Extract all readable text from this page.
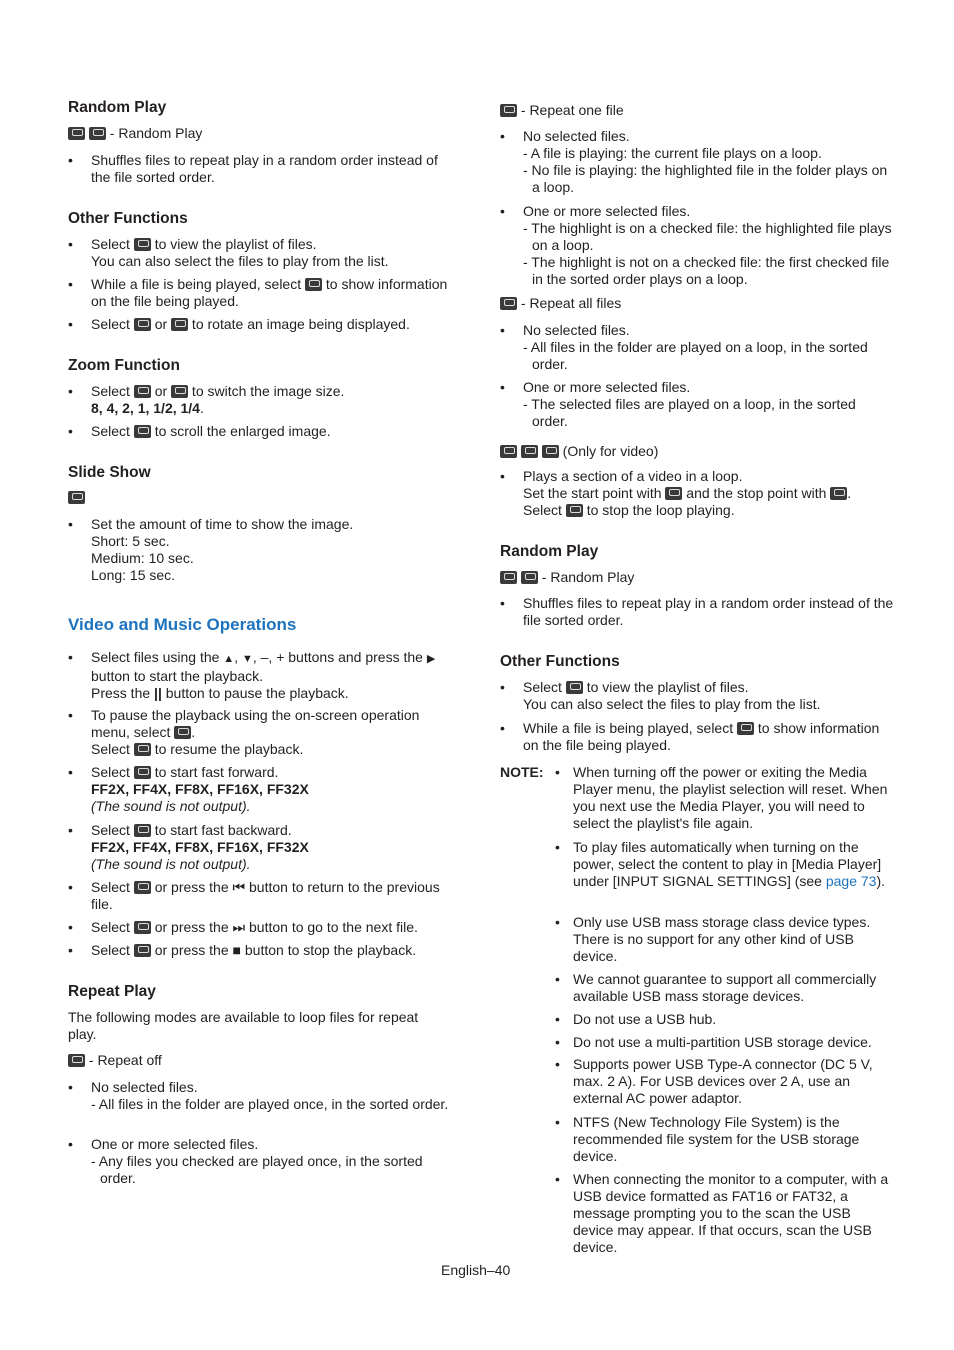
Random Play
- Random Play
• Shuffles files to repeat play in a random order instead of the file sorted order.
Other Functions
• Select  to view the playlist of files.
You can also select the files to play from the list.
• While a file is being played, select  to show information on the file being played.
• Select  or  to rotate an image being displayed.
Zoom Function
• Select  or  to switch the image size.
8, 4, 2, 1, 1/2, 1/4.
• Select  to scroll the enlarged image.
Slide Show
• Set the amount of time to show the image.
Short: 5 sec.
Medium: 10 sec.
Long: 15 sec.
Video and Music Operations
• Select files using the ▲, ▼, –, + buttons and press the ▶
button to start the playback.
Press the || button to pause the playback.
• To pause the playback using the on-screen operation menu, select .
Select  to resume the playback.
• Select  to start fast forward.
FF2X, FF4X, FF8X, FF16X, FF32X
(The sound is not output).
• Select  to start fast backward.
FF2X, FF4X, FF8X, FF16X, FF32X
(The sound is not output).
• Select  or press the ⏮ button to return to the previous file.
• Select  or press the ⏭ button to go to the next file.
• Select  or press the ■ button to stop the playback.
Repeat Play
The following modes are available to loop files for repeat play.
- Repeat off
• No selected files.
- All files in the folder are played once, in the sorted order.
• One or more selected files.
- Any files you checked are played once, in the sorted order.
- Repeat one file
• No selected files.
- A file is playing: the current file plays on a loop.
- No file is playing: the highlighted file in the folder plays on a loop.
• One or more selected files.
- The highlight is on a checked file: the highlighted file plays on a loop.
- The highlight is not on a checked file: the first checked file in the sorted order plays on a loop.
- Repeat all files
• No selected files.
- All files in the folder are played on a loop, in the sorted order.
• One or more selected files.
- The selected files are played on a loop, in the sorted order.
(Only for video)
• Plays a section of a video in a loop.
Set the start point with  and the stop point with .
Select  to stop the loop playing.
Random Play
- Random Play
• Shuffles files to repeat play in a random order instead of the file sorted order.
Other Functions
• Select  to view the playlist of files.
You can also select the files to play from the list.
• While a file is being played, select  to show information on the file being played.
NOTE:
• When turning off the power or exiting the Media Player menu, the playlist selection will reset. When you next use the Media Player, you will need to select the playlist's file again.
• To play files automatically when turning on the power, select the content to play in [Media Player] under [INPUT SIGNAL SETTINGS] (see page 73).
• Only use USB mass storage class device types. There is no support for any other kind of USB device.
• We cannot guarantee to support all commercially available USB mass storage devices.
• Do not use a USB hub.
• Do not use a multi-partition USB storage device.
• Supports power USB Type-A connector (DC 5 V, max. 2 A). For USB devices over 2 A, use an external AC power adaptor.
• NTFS (New Technology File System) is the recommended file system for the USB storage device.
• When connecting the monitor to a computer, with a USB device formatted as FAT16 or FAT32, a message prompting you to the scan the USB device may appear. If that occurs, scan the USB device.
English–40
